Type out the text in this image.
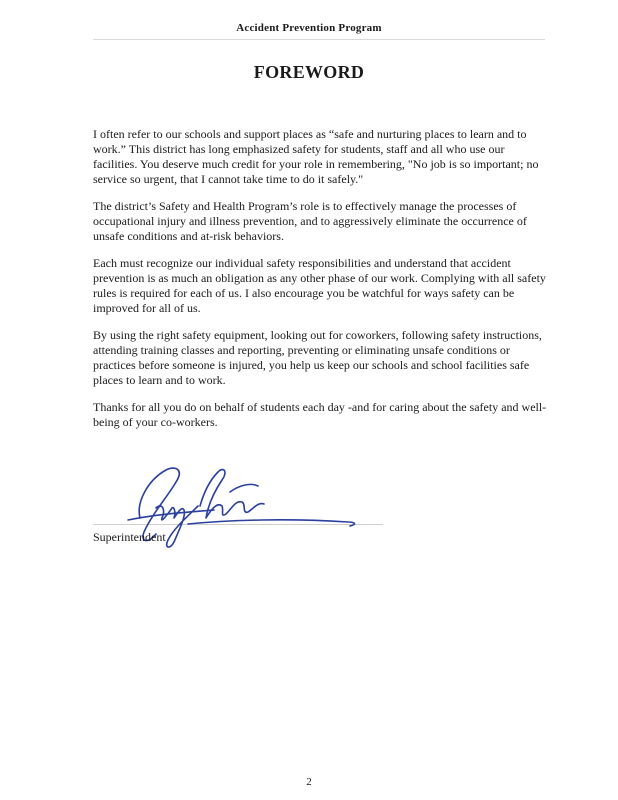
Accident Prevention Program
FOREWORD

I often refer to our schools and support places as “safe and nurturing places to learn and to work.” This district has long emphasized safety for students, staff and all who use our facilities. You deserve much credit for your role in remembering, "No job is so important; no service so urgent, that I cannot take time to do it safely."

The district’s Safety and Health Program’s role is to effectively manage the processes of occupational injury and illness prevention, and to aggressively eliminate the occurrence of unsafe conditions and at-risk behaviors.

Each must recognize our individual safety responsibilities and understand that accident prevention is as much an obligation as any other phase of our work. Complying with all safety rules is required for each of us. I also encourage you be watchful for ways safety can be improved for all of us.

By using the right safety equipment, looking out for coworkers, following safety instructions, attending training classes and reporting, preventing or eliminating unsafe conditions or practices before someone is injured, you help us keep our schools and school facilities safe places to learn and to work.

Thanks for all you do on behalf of students each day -and for caring about the safety and well-being of your co-workers.

Superintendent
2
